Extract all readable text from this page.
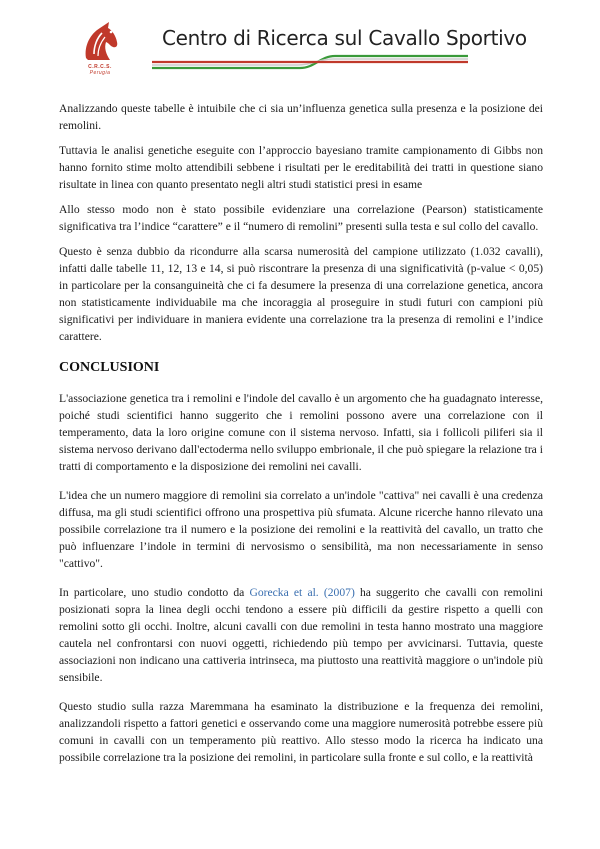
C.R.C.S.
Perugia
Centro di Ricerca sul Cavallo Sportivo

Analizzando queste tabelle è intuibile che ci sia un’influenza genetica sulla presenza e la posizione dei remolini.

Tuttavia le analisi genetiche eseguite con l’approccio bayesiano tramite campionamento di Gibbs non hanno fornito stime molto attendibili sebbene i risultati per le ereditabilità dei tratti in questione siano risultate in linea con quanto presentato negli altri studi statistici presi in esame

Allo stesso modo non è stato possibile evidenziare una correlazione (Pearson) statisticamente significativa tra l’indice “carattere” e il “numero di remolini” presenti sulla testa e sul collo del cavallo.

Questo è senza dubbio da ricondurre alla scarsa numerosità del campione utilizzato (1.032 cavalli), infatti dalle tabelle 11, 12, 13 e 14, si può riscontrare la presenza di una significatività (p-value < 0,05) in particolare per la consanguineità che ci fa desumere la presenza di una correlazione genetica, ancora non statisticamente individuabile ma che incoraggia al proseguire in studi futuri con campioni più significativi per individuare in maniera evidente una correlazione tra la presenza di remolini e l’indice carattere.

CONCLUSIONI

L'associazione genetica tra i remolini e l'indole del cavallo è un argomento che ha guadagnato interesse, poiché studi scientifici hanno suggerito che i remolini possono avere una correlazione con il temperamento, data la loro origine comune con il sistema nervoso. Infatti, sia i follicoli piliferi sia il sistema nervoso derivano dall'ectoderma nello sviluppo embrionale, il che può spiegare la relazione tra i tratti di comportamento e la disposizione dei remolini nei cavalli.

L'idea che un numero maggiore di remolini sia correlato a un'indole "cattiva" nei cavalli è una credenza diffusa, ma gli studi scientifici offrono una prospettiva più sfumata. Alcune ricerche hanno rilevato una possibile correlazione tra il numero e la posizione dei remolini e la reattività del cavallo, un tratto che può influenzare l’indole in termini di nervosismo o sensibilità, ma non necessariamente in senso "cattivo".

In particolare, uno studio condotto da Gorecka et al. (2007) ha suggerito che cavalli con remolini posizionati sopra la linea degli occhi tendono a essere più difficili da gestire rispetto a quelli con remolini sotto gli occhi. Inoltre, alcuni cavalli con due remolini in testa hanno mostrato una maggiore cautela nel confrontarsi con nuovi oggetti, richiedendo più tempo per avvicinarsi. Tuttavia, queste associazioni non indicano una cattiveria intrinseca, ma piuttosto una reattività maggiore o un'indole più sensibile.

Questo studio sulla razza Maremmana ha esaminato la distribuzione e la frequenza dei remolini, analizzandoli rispetto a fattori genetici e osservando come una maggiore numerosità potrebbe essere più comuni in cavalli con un temperamento più reattivo. Allo stesso modo la ricerca ha indicato una possibile correlazione tra la posizione dei remolini, in particolare sulla fronte e sul collo, e la reattività
